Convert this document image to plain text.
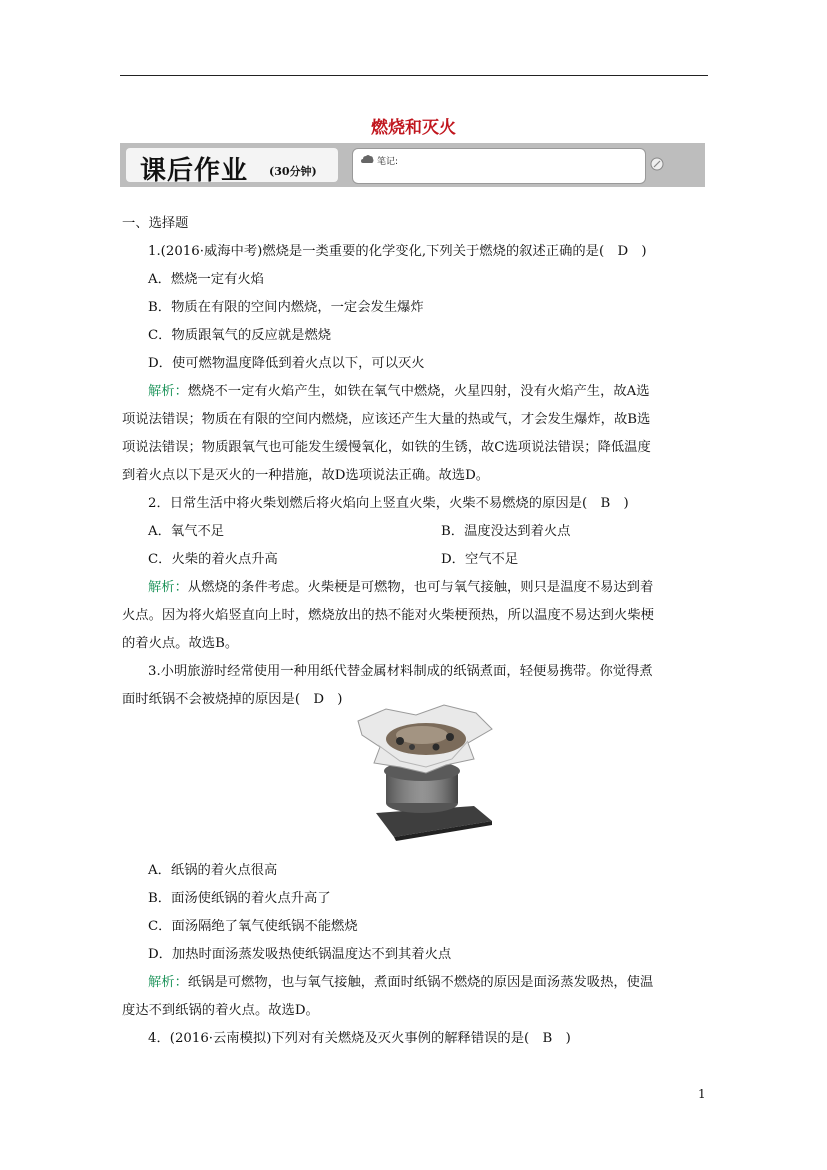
燃烧和灭火
课后作业 (30分钟)
笔记:
一、选择题
1.(2016·威海中考)燃烧是一类重要的化学变化,下列关于燃烧的叙述正确的是(　D　)
A．燃烧一定有火焰
B．物质在有限的空间内燃烧，一定会发生爆炸
C．物质跟氧气的反应就是燃烧
D．使可燃物温度降低到着火点以下，可以灭火
解析：燃烧不一定有火焰产生，如铁在氧气中燃烧，火星四射，没有火焰产生，故A选
项说法错误；物质在有限的空间内燃烧，应该还产生大量的热或气，才会发生爆炸，故B选
项说法错误；物质跟氧气也可能发生缓慢氧化，如铁的生锈，故C选项说法错误；降低温度
到着火点以下是灭火的一种措施，故D选项说法正确。故选D。
2．日常生活中将火柴划燃后将火焰向上竖直火柴，火柴不易燃烧的原因是(　B　)
A．氧气不足	B．温度没达到着火点
C．火柴的着火点升高	D．空气不足
解析：从燃烧的条件考虑。火柴梗是可燃物，也可与氧气接触，则只是温度不易达到着
火点。因为将火焰竖直向上时，燃烧放出的热不能对火柴梗预热，所以温度不易达到火柴梗
的着火点。故选B。
3.小明旅游时经常使用一种用纸代替金属材料制成的纸锅煮面，轻便易携带。你觉得煮
面时纸锅不会被烧掉的原因是(　D　)
A．纸锅的着火点很高
B．面汤使纸锅的着火点升高了
C．面汤隔绝了氧气使纸锅不能燃烧
D．加热时面汤蒸发吸热使纸锅温度达不到其着火点
解析：纸锅是可燃物，也与氧气接触，煮面时纸锅不燃烧的原因是面汤蒸发吸热，使温
度达不到纸锅的着火点。故选D。
4．(2016·云南模拟)下列对有关燃烧及灭火事例的解释错误的是(　B　)
1
